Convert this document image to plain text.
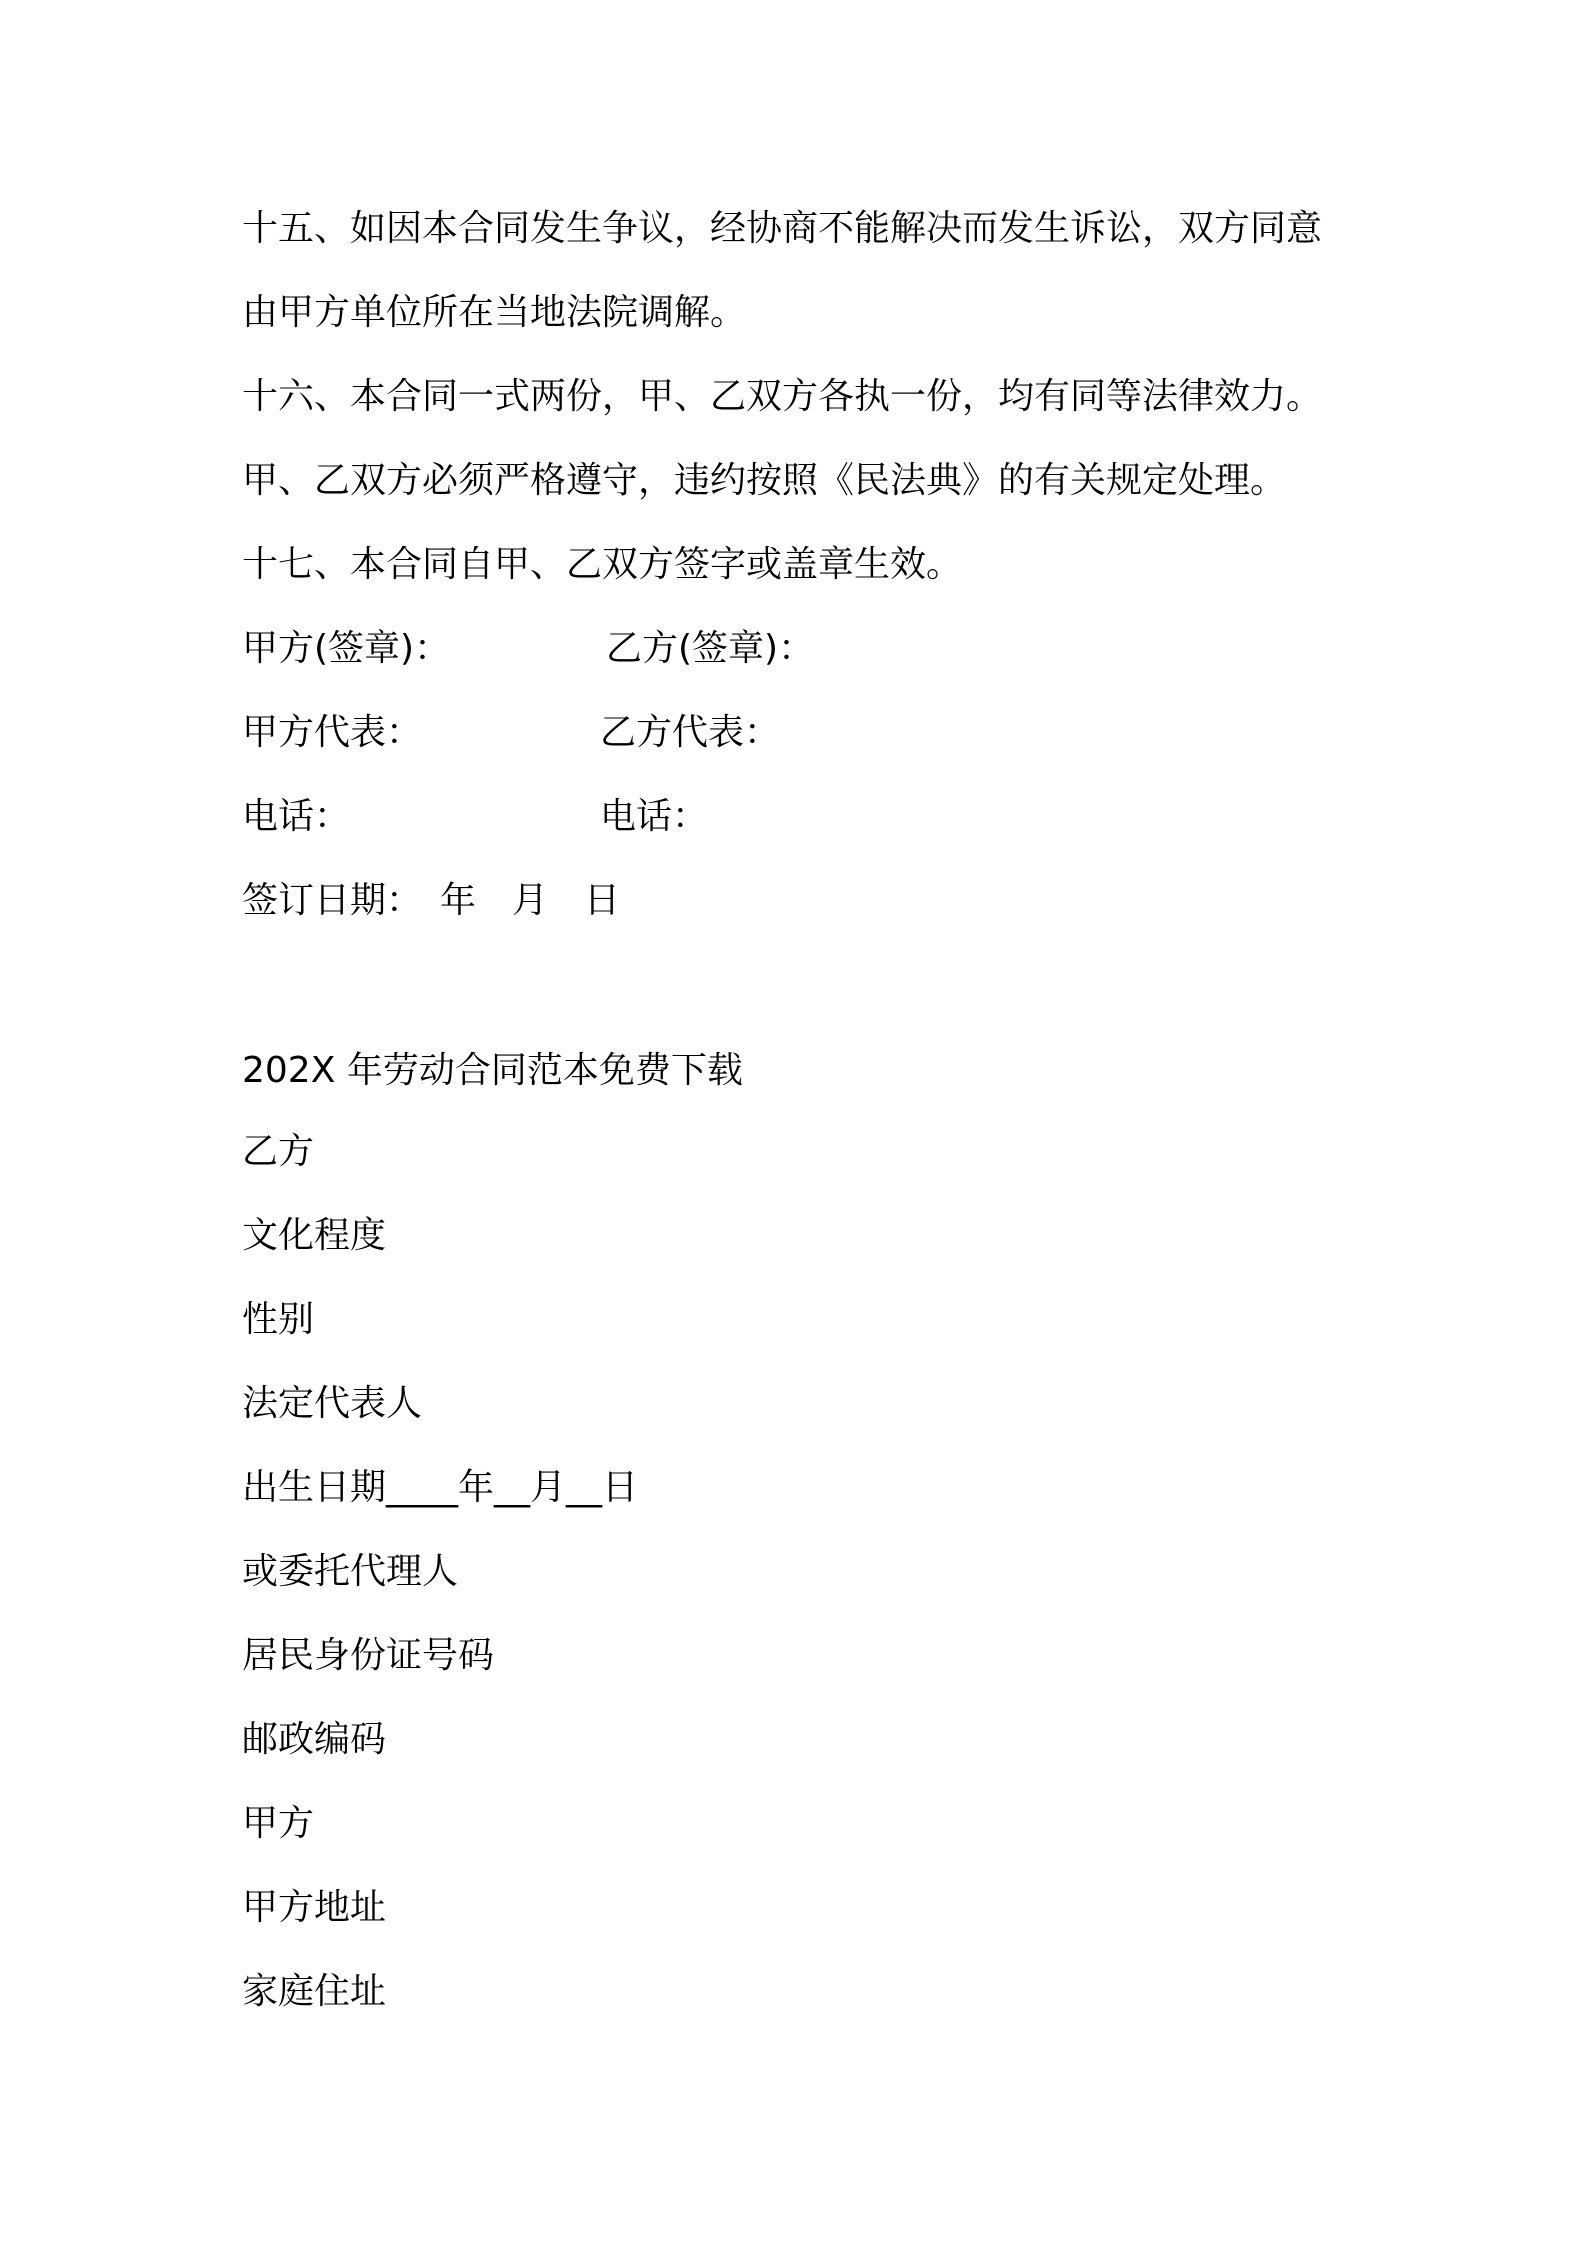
十五、如因本合同发生争议，经协商不能解决而发生诉讼，双方同意
由甲方单位所在当地法院调解。
十六、本合同一式两份，甲、乙双方各执一份，均有同等法律效力。
甲、乙双方必须严格遵守，违约按照《民法典》的有关规定处理。
十七、本合同自甲、乙双方签字或盖章生效。
甲方(签章)：	乙方(签章)：
甲方代表：	乙方代表：
电话：	电话：
签订日期：　年　月　日
202X 年劳动合同范本免费下载
乙方
文化程度
性别
法定代表人
出生日期____年__月__日
或委托代理人
居民身份证号码
邮政编码
甲方
甲方地址
家庭住址
